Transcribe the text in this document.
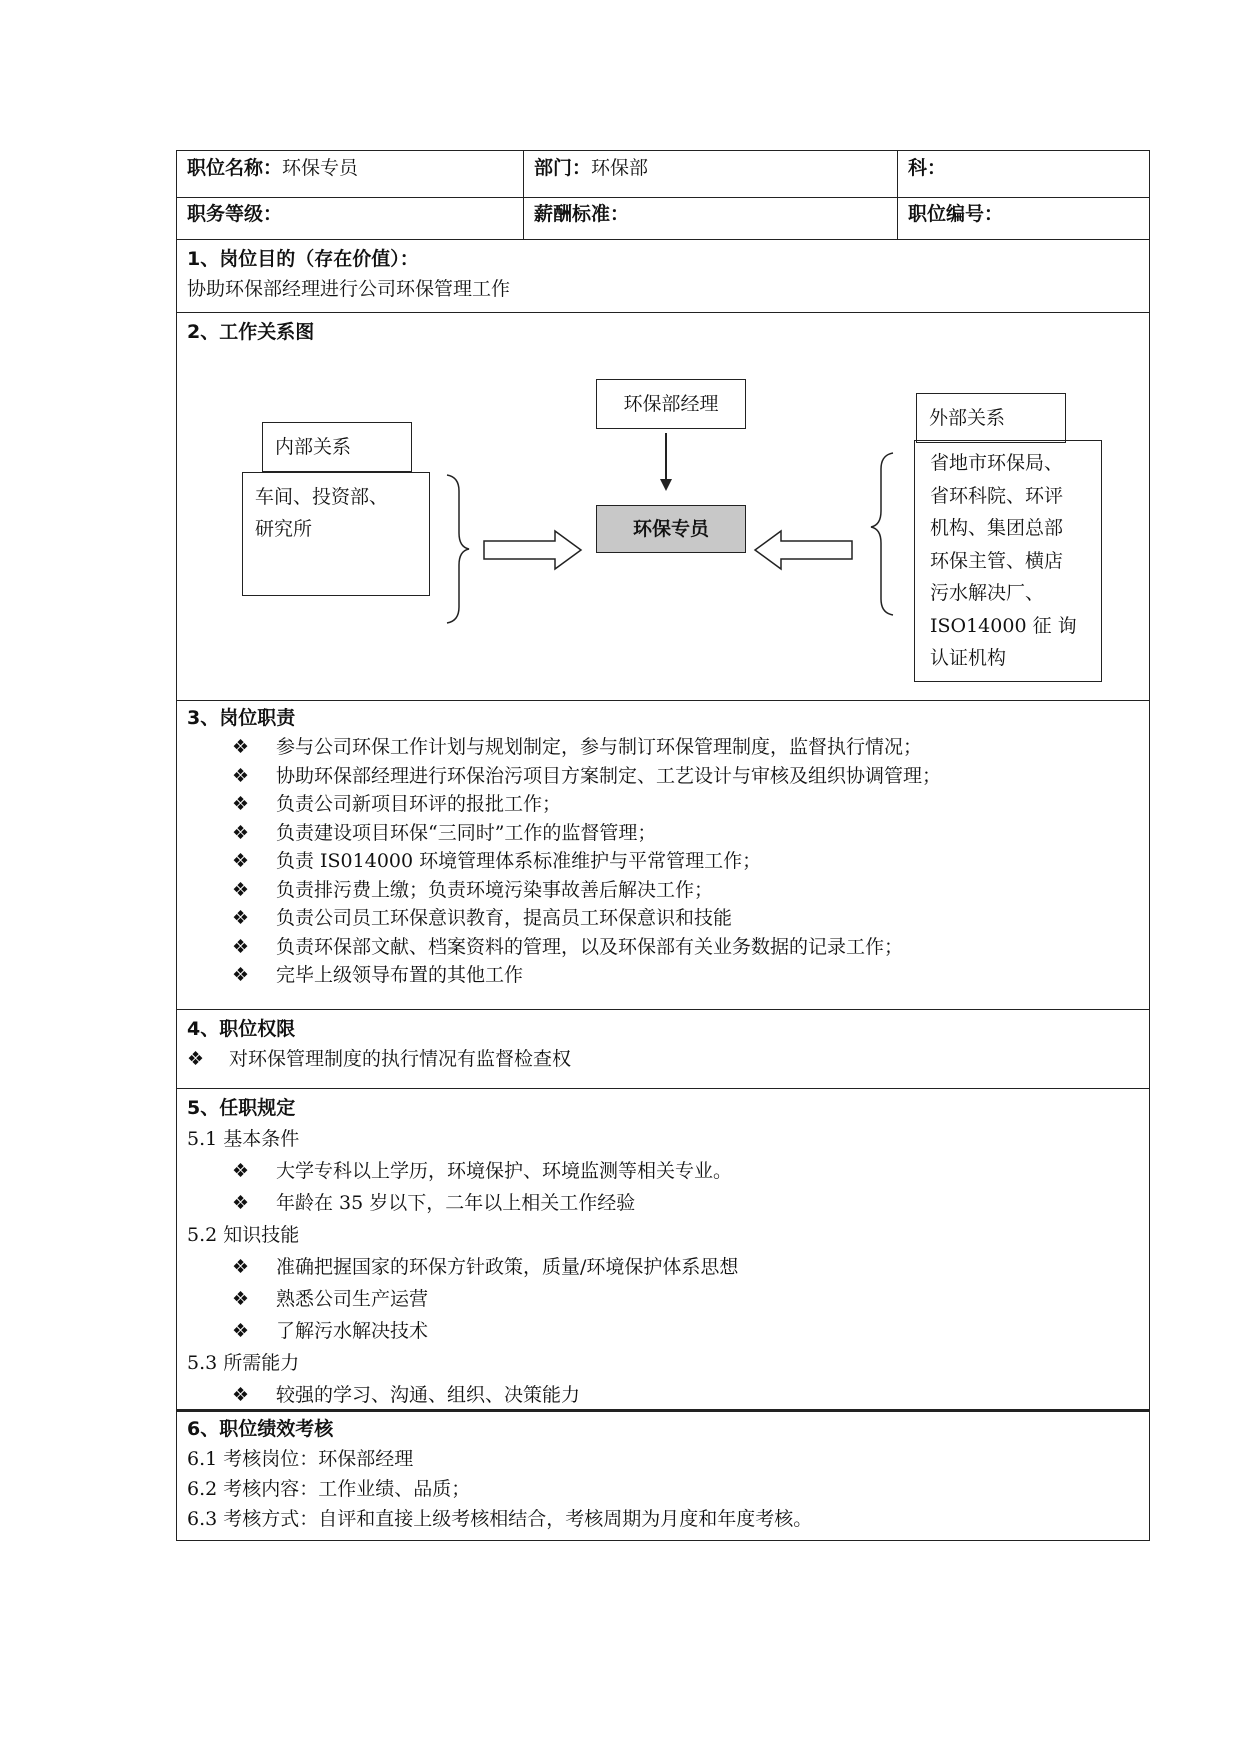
职位名称：环保专员	部门：环保部	科：
职务等级：	薪酬标准：	职位编号：
1、岗位目的（存在价值）：
协助环保部经理进行公司环保管理工作
2、工作关系图
内部关系
车间、投资部、
研究所
环保部经理
环保专员
外部关系
省地市环保局、
省环科院、环评
机构、集团总部
环保主管、横店
污水解决厂、
ISO14000 征 询
认证机构
3、岗位职责
❖ 参与公司环保工作计划与规划制定，参与制订环保管理制度，监督执行情况；
❖ 协助环保部经理进行环保治污项目方案制定、工艺设计与审核及组织协调管理；
❖ 负责公司新项目环评的报批工作；
❖ 负责建设项目环保“三同时”工作的监督管理；
❖ 负责 IS014000 环境管理体系标准维护与平常管理工作；
❖ 负责排污费上缴；负责环境污染事故善后解决工作；
❖ 负责公司员工环保意识教育，提高员工环保意识和技能
❖ 负责环保部文献、档案资料的管理，以及环保部有关业务数据的记录工作；
❖ 完毕上级领导布置的其他工作
4、职位权限
❖ 对环保管理制度的执行情况有监督检查权
5、任职规定
5.1 基本条件
❖ 大学专科以上学历，环境保护、环境监测等相关专业。
❖ 年龄在 35 岁以下，二年以上相关工作经验
5.2 知识技能
❖ 准确把握国家的环保方针政策，质量/环境保护体系思想
❖ 熟悉公司生产运营
❖ 了解污水解决技术
5.3 所需能力
❖ 较强的学习、沟通、组织、决策能力
6、职位绩效考核
6.1 考核岗位：环保部经理
6.2 考核内容：工作业绩、品质；
6.3 考核方式：自评和直接上级考核相结合，考核周期为月度和年度考核。
